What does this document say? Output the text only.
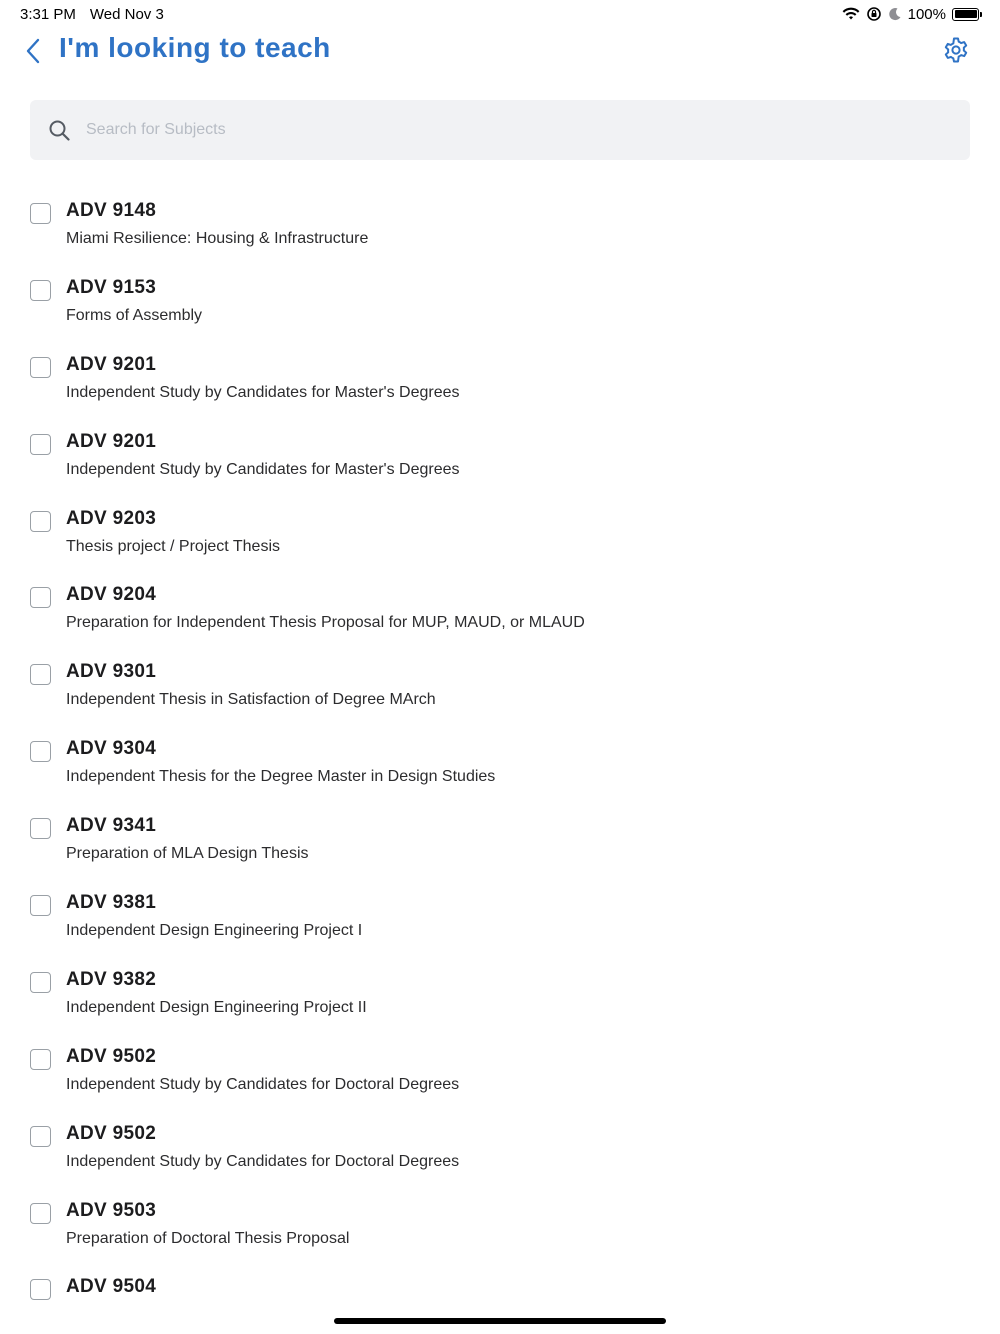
3:31 PM Wed Nov 3	100%
I'm looking to teach
Search for Subjects
ADV 9148
Miami Resilience: Housing & Infrastructure
ADV 9153
Forms of Assembly
ADV 9201
Independent Study by Candidates for Master's Degrees
ADV 9201
Independent Study by Candidates for Master's Degrees
ADV 9203
Thesis project / Project Thesis
ADV 9204
Preparation for Independent Thesis Proposal for MUP, MAUD, or MLAUD
ADV 9301
Independent Thesis in Satisfaction of Degree MArch
ADV 9304
Independent Thesis for the Degree Master in Design Studies
ADV 9341
Preparation of MLA Design Thesis
ADV 9381
Independent Design Engineering Project I
ADV 9382
Independent Design Engineering Project II
ADV 9502
Independent Study by Candidates for Doctoral Degrees
ADV 9502
Independent Study by Candidates for Doctoral Degrees
ADV 9503
Preparation of Doctoral Thesis Proposal
ADV 9504
